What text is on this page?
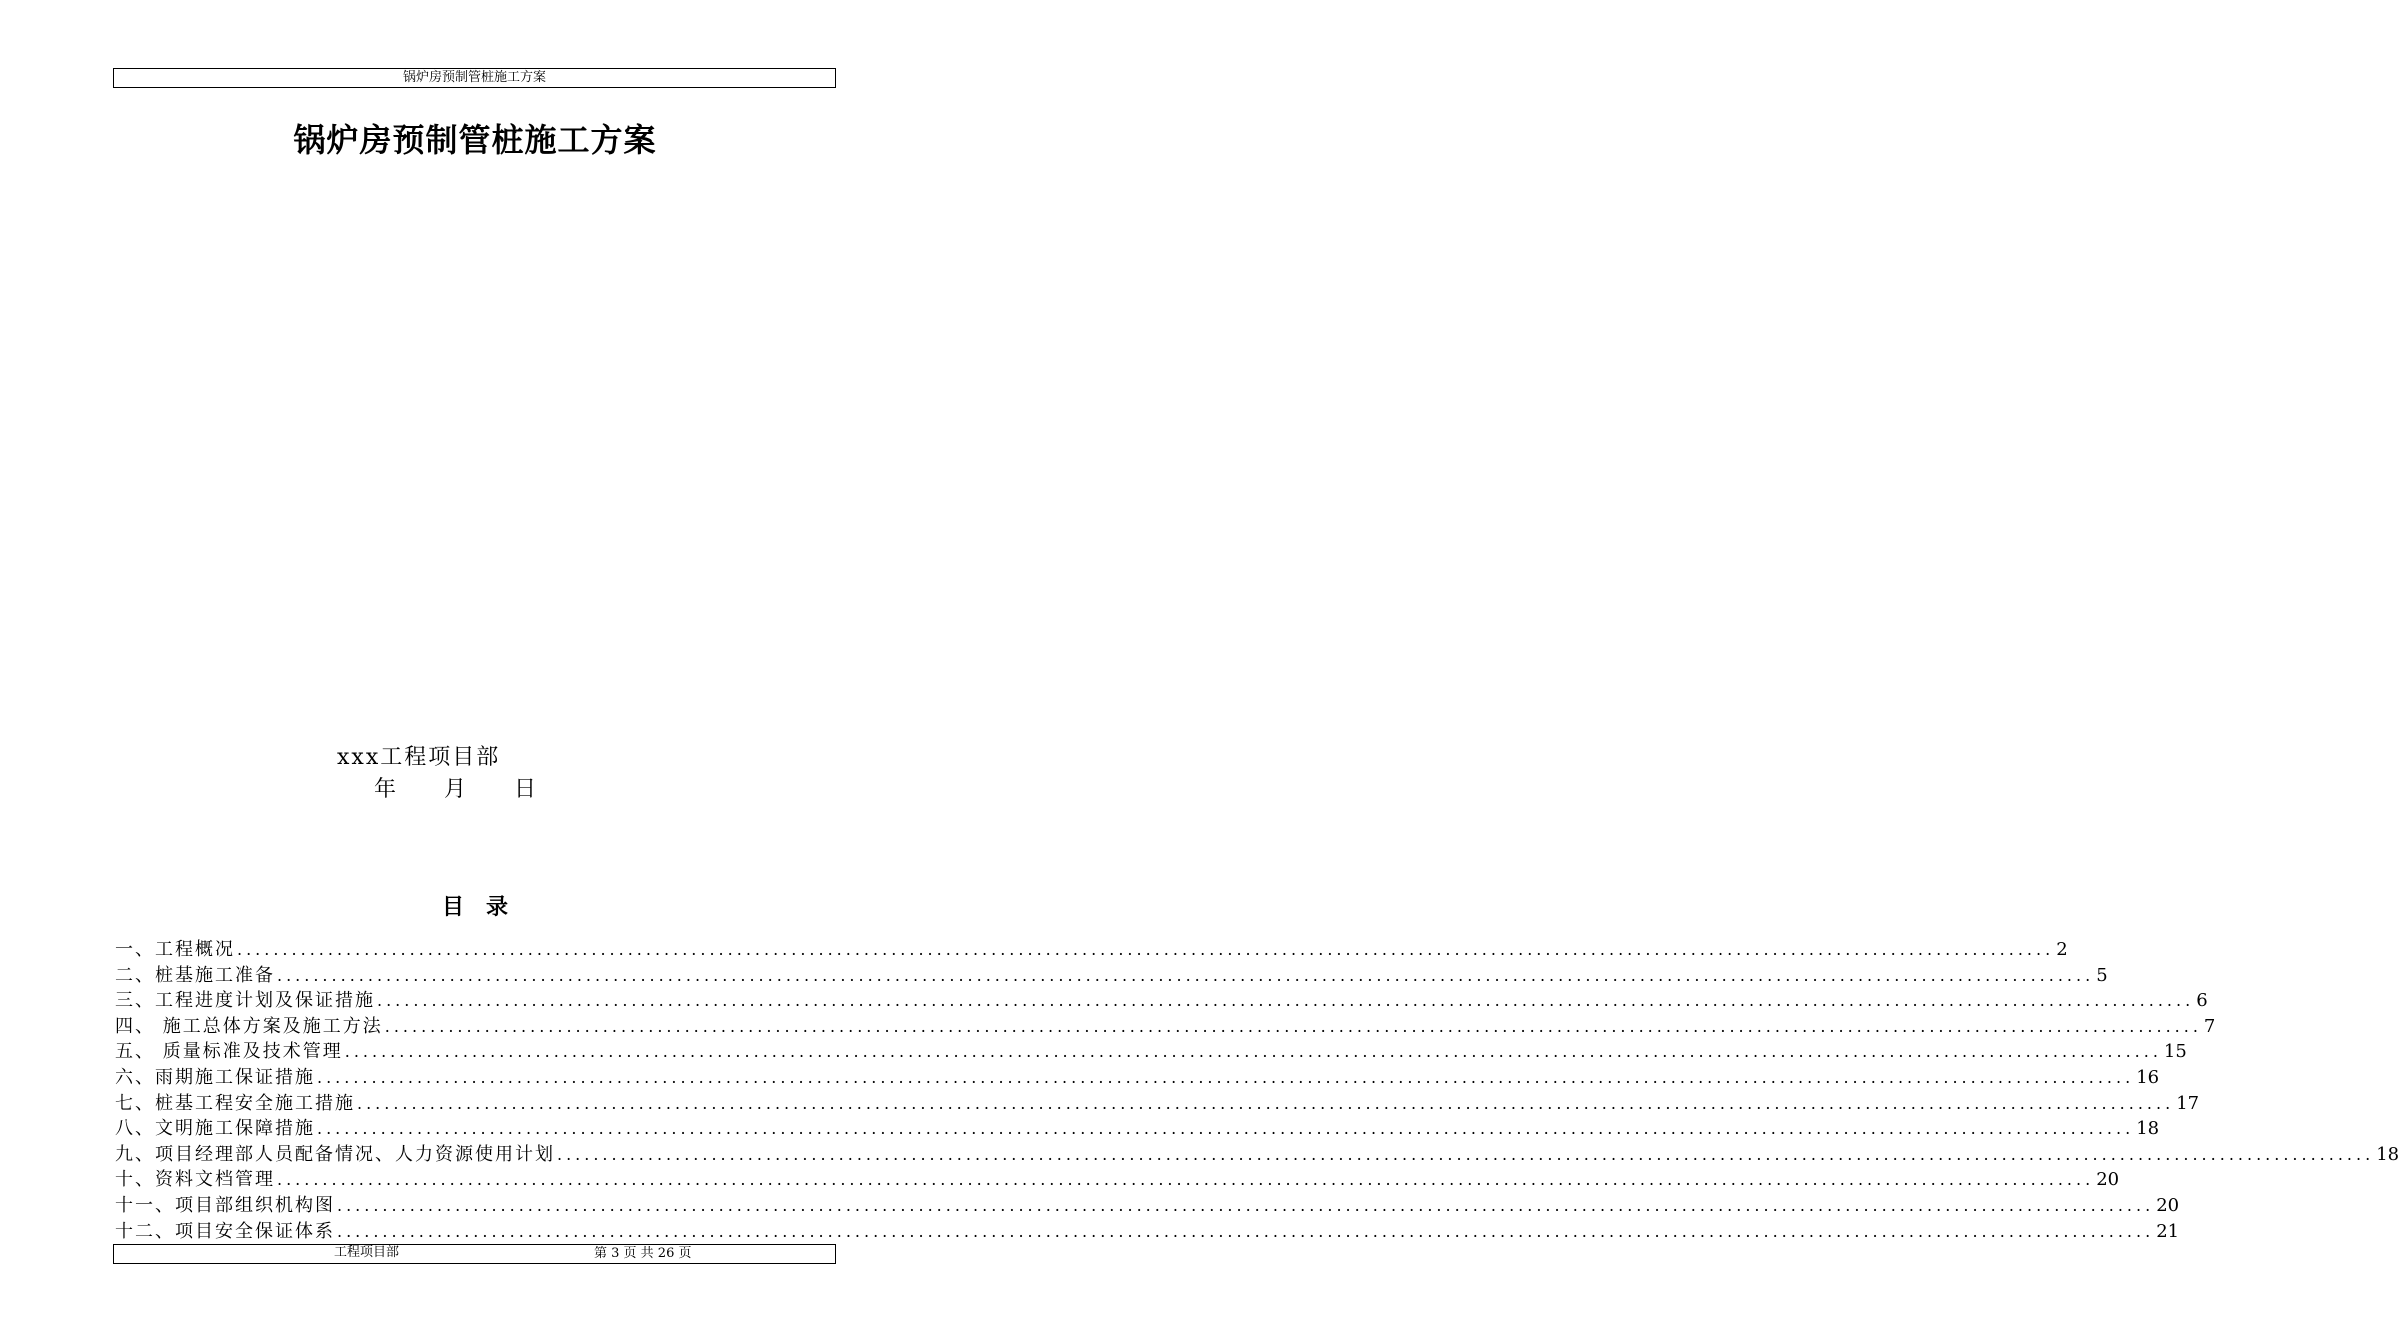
锅炉房预制管桩施工方案
锅炉房预制管桩施工方案
xxx工程项目部
年	月	日
目　录
一、工程概况 ........................................................................................................................................................................................................ 2
二、桩基施工准备 ........................................................................................................................................................................................................ 5
三、工程进度计划及保证措施 ........................................................................................................................................................................................................ 6
四、 施工总体方案及施工方法 ........................................................................................................................................................................................................ 7
五、 质量标准及技术管理 ........................................................................................................................................................................................................ 15
六、雨期施工保证措施 ........................................................................................................................................................................................................ 16
七、桩基工程安全施工措施 ........................................................................................................................................................................................................ 17
八、文明施工保障措施 ........................................................................................................................................................................................................ 18
九、项目经理部人员配备情况、人力资源使用计划 ........................................................................................................................................................................................................ 18
十、资料文档管理 ........................................................................................................................................................................................................ 20
十一、项目部组织机构图 ........................................................................................................................................................................................................ 20
十二、项目安全保证体系 ........................................................................................................................................................................................................ 21
工程项目部	第 3 页 共 26 页
